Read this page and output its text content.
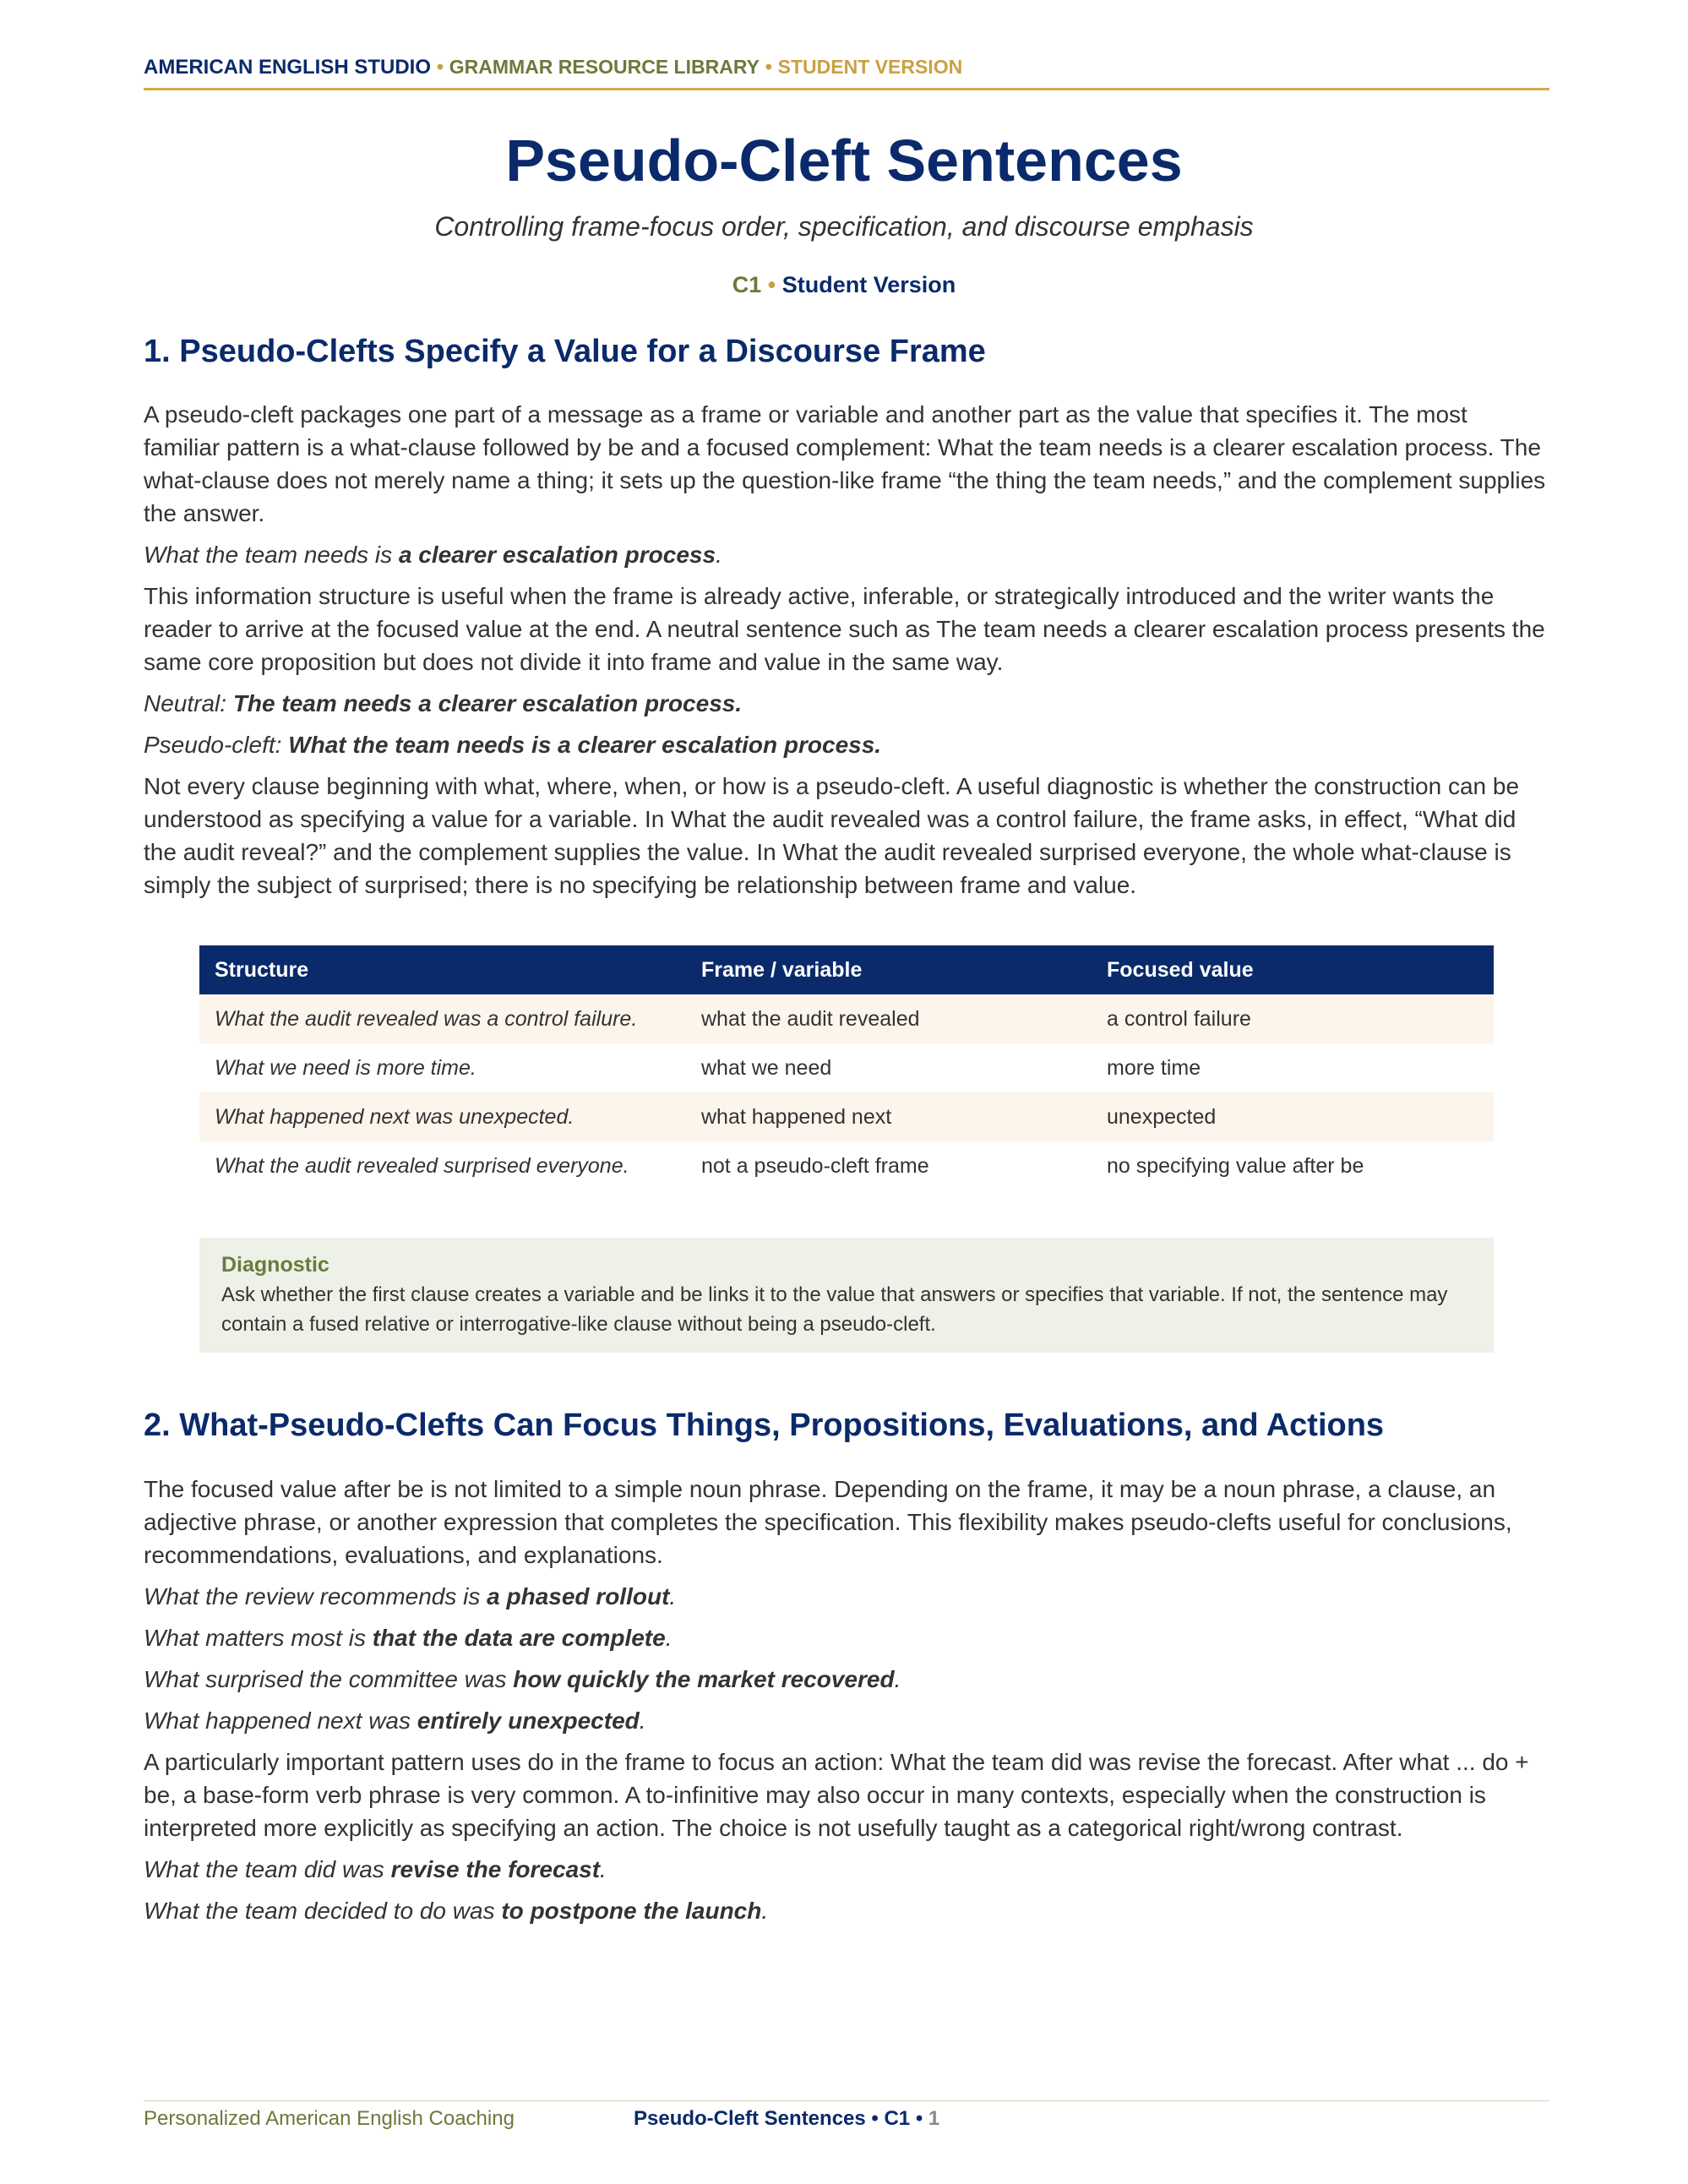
AMERICAN ENGLISH STUDIO • GRAMMAR RESOURCE LIBRARY • STUDENT VERSION
Pseudo-Cleft Sentences
Controlling frame-focus order, specification, and discourse emphasis
C1 • Student Version
1. Pseudo-Clefts Specify a Value for a Discourse Frame

A pseudo-cleft packages one part of a message as a frame or variable and another part as the value that specifies it. The most familiar pattern is a what-clause followed by be and a focused complement: What the team needs is a clearer escalation process. The what-clause does not merely name a thing; it sets up the question-like frame “the thing the team needs,” and the complement supplies the answer.

What the team needs is a clearer escalation process.

This information structure is useful when the frame is already active, inferable, or strategically introduced and the writer wants the reader to arrive at the focused value at the end. A neutral sentence such as The team needs a clearer escalation process presents the same core proposition but does not divide it into frame and value in the same way.

Neutral: The team needs a clearer escalation process.
Pseudo-cleft: What the team needs is a clearer escalation process.

Not every clause beginning with what, where, when, or how is a pseudo-cleft. A useful diagnostic is whether the construction can be understood as specifying a value for a variable. In What the audit revealed was a control failure, the frame asks, in effect, “What did the audit reveal?” and the complement supplies the value. In What the audit revealed surprised everyone, the whole what-clause is simply the subject of surprised; there is no specifying be relationship between frame and value.

Structure	Frame / variable	Focused value
What the audit revealed was a control failure.	what the audit revealed	a control failure
What we need is more time.	what we need	more time
What happened next was unexpected.	what happened next	unexpected
What the audit revealed surprised everyone.	not a pseudo-cleft frame	no specifying value after be
Diagnostic
Ask whether the first clause creates a variable and be links it to the value that answers or specifies that variable. If not, the sentence may contain a fused relative or interrogative-like clause without being a pseudo-cleft.
2. What-Pseudo-Clefts Can Focus Things, Propositions, Evaluations, and Actions

The focused value after be is not limited to a simple noun phrase. Depending on the frame, it may be a noun phrase, a clause, an adjective phrase, or another expression that completes the specification. This flexibility makes pseudo-clefts useful for conclusions, recommendations, evaluations, and explanations.

What the review recommends is a phased rollout.
What matters most is that the data are complete.
What surprised the committee was how quickly the market recovered.
What happened next was entirely unexpected.

A particularly important pattern uses do in the frame to focus an action: What the team did was revise the forecast. After what ... do + be, a base-form verb phrase is very common. A to-infinitive may also occur in many contexts, especially when the construction is interpreted more explicitly as specifying an action. The choice is not usefully taught as a categorical right/wrong contrast.

What the team did was revise the forecast.
What the team decided to do was to postpone the launch.
Personalized American English Coaching	Pseudo-Cleft Sentences • C1 • 1
